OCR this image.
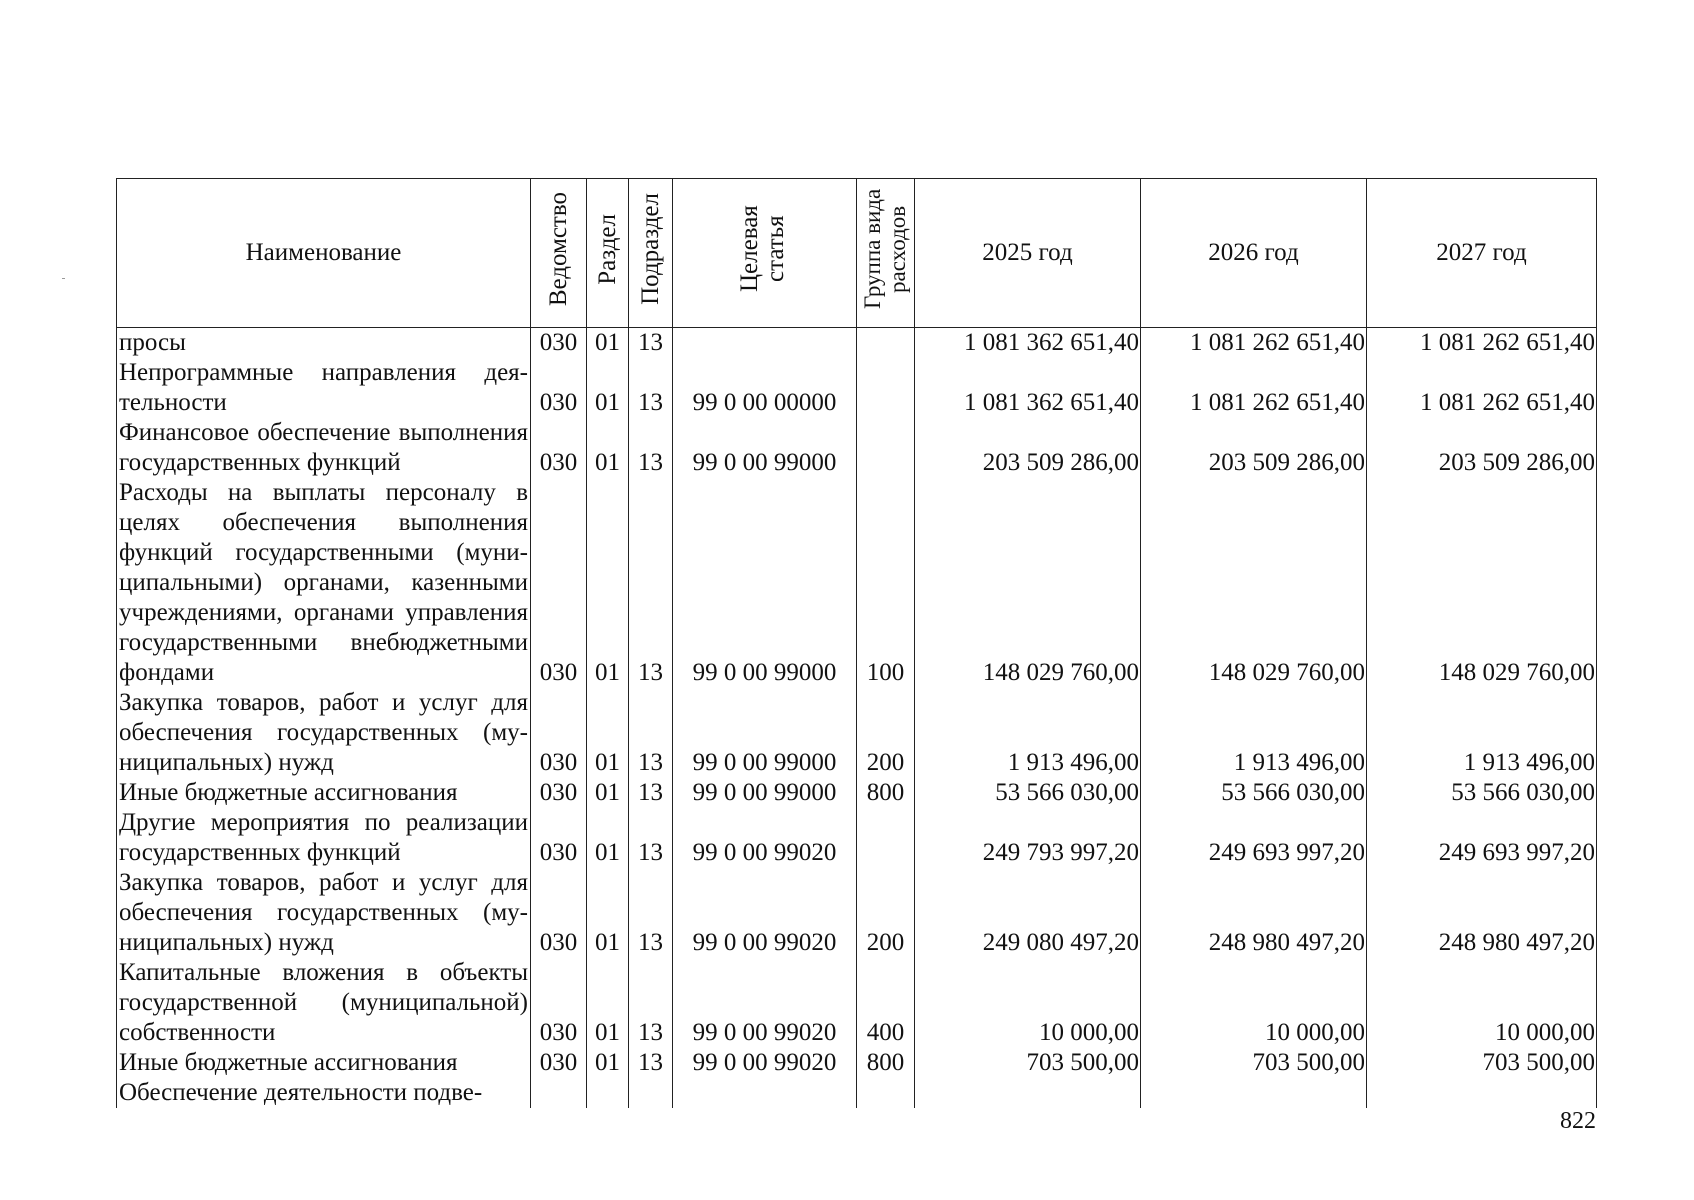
Наименование	Ведомство	Раздел	Подраздел	Целевая статья	Группа вида расходов	2025 год	2026 год	2027 год
просы	030	01	13			1 081 362 651,40	1 081 262 651,40	1 081 262 651,40
Непрограммные направления деятельности	030	01	13	99 0 00 00000		1 081 362 651,40	1 081 262 651,40	1 081 262 651,40
Финансовое обеспечение выполнения государственных функций	030	01	13	99 0 00 99000		203 509 286,00	203 509 286,00	203 509 286,00
Расходы на выплаты персоналу в целях обеспечения выполнения функций государственными (муниципальными) органами, казенными учреждениями, органами управления государственными внебюджетными фондами	030	01	13	99 0 00 99000	100	148 029 760,00	148 029 760,00	148 029 760,00
Закупка товаров, работ и услуг для обеспечения государственных (муниципальных) нужд	030	01	13	99 0 00 99000	200	1 913 496,00	1 913 496,00	1 913 496,00
Иные бюджетные ассигнования	030	01	13	99 0 00 99000	800	53 566 030,00	53 566 030,00	53 566 030,00
Другие мероприятия по реализации государственных функций	030	01	13	99 0 00 99020		249 793 997,20	249 693 997,20	249 693 997,20
Закупка товаров, работ и услуг для обеспечения государственных (муниципальных) нужд	030	01	13	99 0 00 99020	200	249 080 497,20	248 980 497,20	248 980 497,20
Капитальные вложения в объекты государственной (муниципальной) собственности	030	01	13	99 0 00 99020	400	10 000,00	10 000,00	10 000,00
Иные бюджетные ассигнования	030	01	13	99 0 00 99020	800	703 500,00	703 500,00	703 500,00
Обеспечение деятельности подве-								
822
